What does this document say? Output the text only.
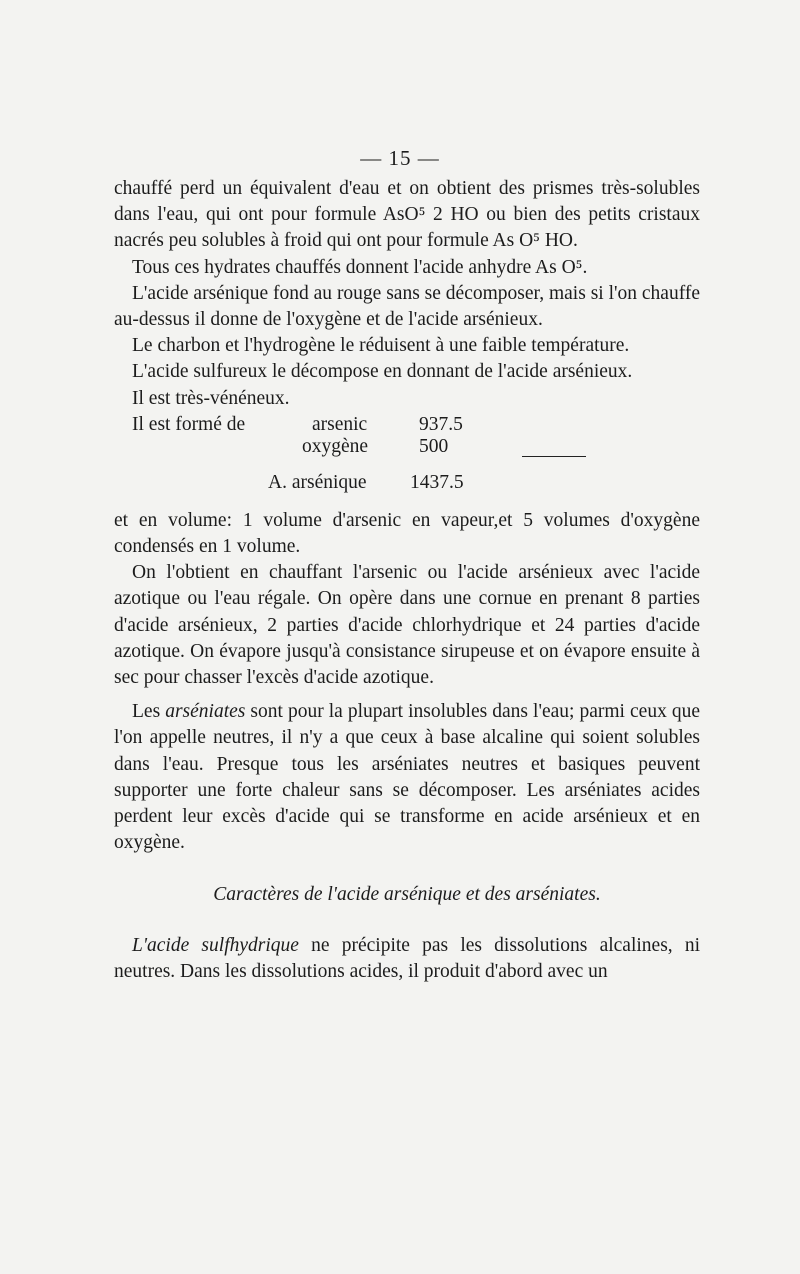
— 15 —

chauffé perd un équivalent d'eau et on obtient des prismes très-solubles dans l'eau, qui ont pour formule AsO⁵ 2 HO ou bien des petits cristaux nacrés peu solubles à froid qui ont pour formule As O⁵ HO.

Tous ces hydrates chauffés donnent l'acide anhydre As O⁵.

L'acide arsénique fond au rouge sans se décomposer, mais si l'on chauffe au-dessus il donne de l'oxygène et de l'acide arsénieux.

Le charbon et l'hydrogène le réduisent à une faible température.

L'acide sulfureux le décompose en donnant de l'acide arsénieux.

Il est très-vénéneux.

Il est formé de	arsenic	937.5
oxygène	500
A. arsénique 1437.5

et en volume: 1 volume d'arsenic en vapeur,et 5 volumes d'oxygène condensés en 1 volume.

On l'obtient en chauffant l'arsenic ou l'acide arsénieux avec l'acide azotique ou l'eau régale. On opère dans une cornue en prenant 8 parties d'acide arsénieux, 2 parties d'acide chlorhydrique et 24 parties d'acide azotique. On évapore jusqu'à consistance sirupeuse et on évapore ensuite à sec pour chasser l'excès d'acide azotique.

Les arséniates sont pour la plupart insolubles dans l'eau; parmi ceux que l'on appelle neutres, il n'y a que ceux à base alcaline qui soient solubles dans l'eau. Presque tous les arséniates neutres et basiques peuvent supporter une forte chaleur sans se décomposer. Les arséniates acides perdent leur excès d'acide qui se transforme en acide arsénieux et en oxygène.

Caractères de l'acide arsénique et des arséniates.

L'acide sulfhydrique ne précipite pas les dissolutions alcalines, ni neutres. Dans les dissolutions acides, il produit d'abord avec un
